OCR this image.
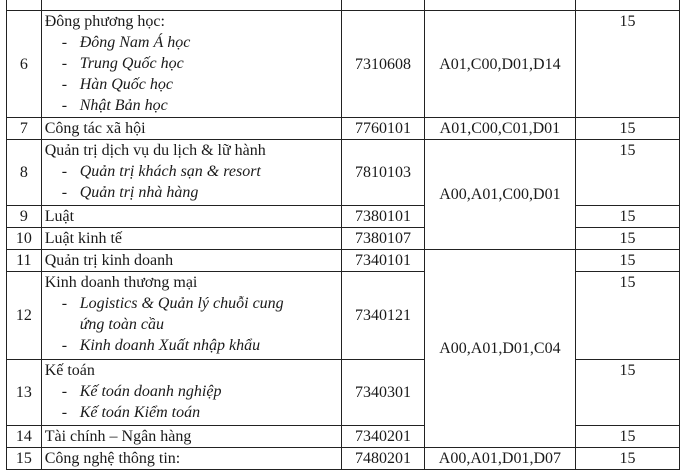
6	Đông phương học:
- Đông Nam Á học
- Trung Quốc học
- Hàn Quốc học
- Nhật Bản học	7310608	A01,C00,D01,D14	15
7	Công tác xã hội	7760101	A01,C00,C01,D01	15
8	Quản trị dịch vụ du lịch & lữ hành
- Quản trị khách sạn & resort
- Quản trị nhà hàng	7810103	A00,A01,C00,D01	15
9	Luật	7380101		15
10	Luật kinh tế	7380107		15
11	Quản trị kinh doanh	7340101	A00,A01,D01,C04	15
12	Kinh doanh thương mại
- Logistics & Quản lý chuỗi cung
ứng toàn cầu
- Kinh doanh Xuất nhập khẩu	7340121		15
13	Kế toán
- Kế toán doanh nghiệp
- Kế toán Kiểm toán	7340301		15
14	Tài chính – Ngân hàng	7340201		15
15	Công nghệ thông tin:	7480201	A00,A01,D01,D07	15
